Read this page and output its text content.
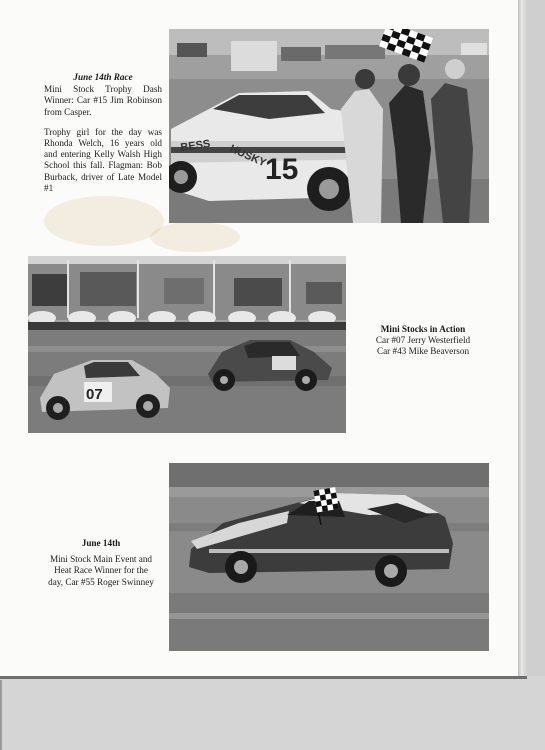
15
BESS HUSKY
June 14th Race
Mini Stock Trophy Dash Winner: Car #15 Jim Robinson from Casper.
Trophy girl for the day was Rhonda Welch, 16 years old and entering Kelly Walsh High School this fall. Flagman: Bob Burback, driver of Late Model #1
07
Mini Stocks in Action
Car #07 Jerry Westerfield
Car #43 Mike Beaverson
June 14th
Mini Stock Main Event and
Heat Race Winner for the
day, Car #55 Roger Swinney
